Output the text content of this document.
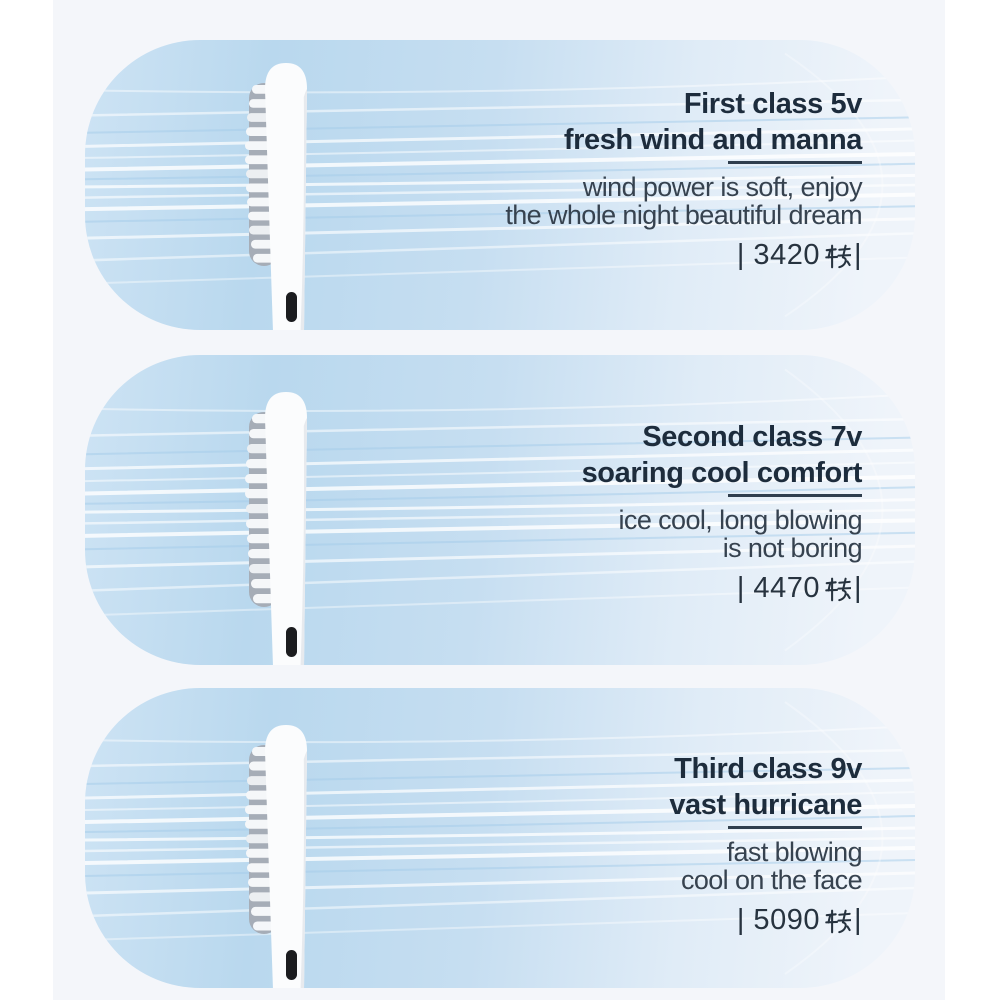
First class 5v
fresh wind and manna

wind power is soft, enjoy
the whole night beautiful dream

| 3420 |
Second class 7v
soaring cool comfort

ice cool, long blowing
is not boring

| 4470 |
Third class 9v
vast hurricane

fast blowing
cool on the face

| 5090 |
